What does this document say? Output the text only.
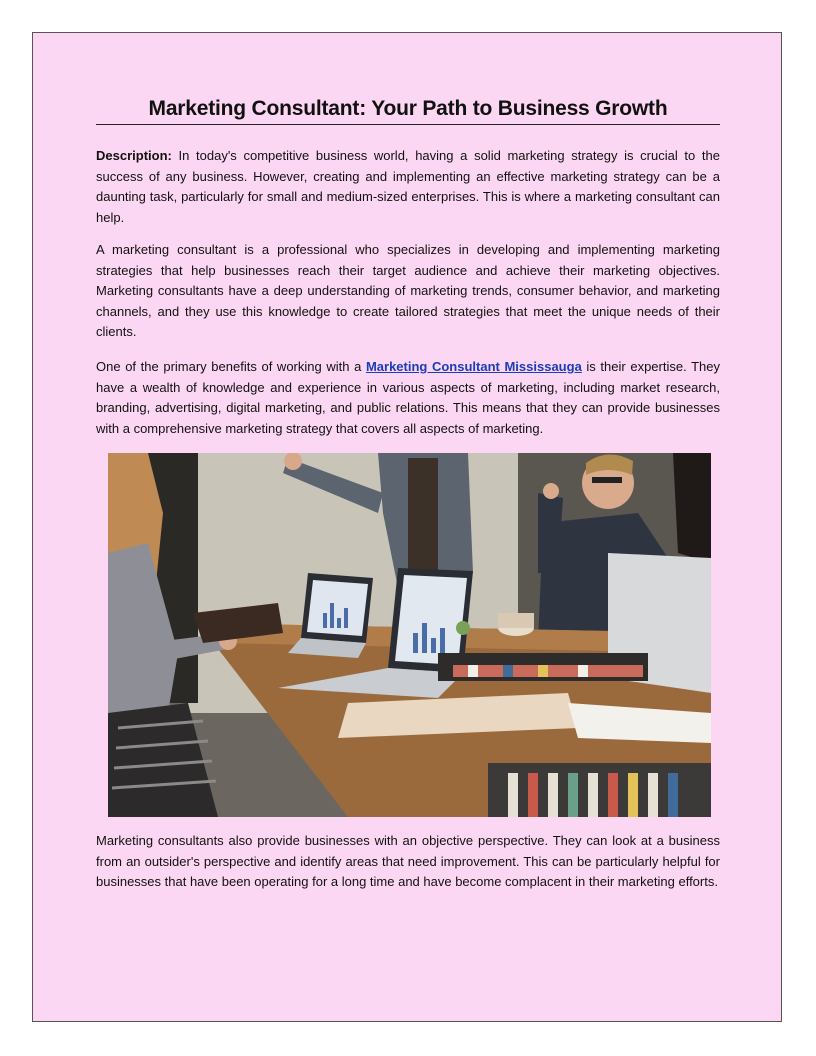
Marketing Consultant: Your Path to Business Growth

Description: In today's competitive business world, having a solid marketing strategy is crucial to the success of any business. However, creating and implementing an effective marketing strategy can be a daunting task, particularly for small and medium-sized enterprises. This is where a marketing consultant can help.

A marketing consultant is a professional who specializes in developing and implementing marketing strategies that help businesses reach their target audience and achieve their marketing objectives. Marketing consultants have a deep understanding of marketing trends, consumer behavior, and marketing channels, and they use this knowledge to create tailored strategies that meet the unique needs of their clients.

One of the primary benefits of working with a Marketing Consultant Mississauga is their expertise. They have a wealth of knowledge and experience in various aspects of marketing, including market research, branding, advertising, digital marketing, and public relations. This means that they can provide businesses with a comprehensive marketing strategy that covers all aspects of marketing.

Marketing consultants also provide businesses with an objective perspective. They can look at a business from an outsider's perspective and identify areas that need improvement. This can be particularly helpful for businesses that have been operating for a long time and have become complacent in their marketing efforts.
